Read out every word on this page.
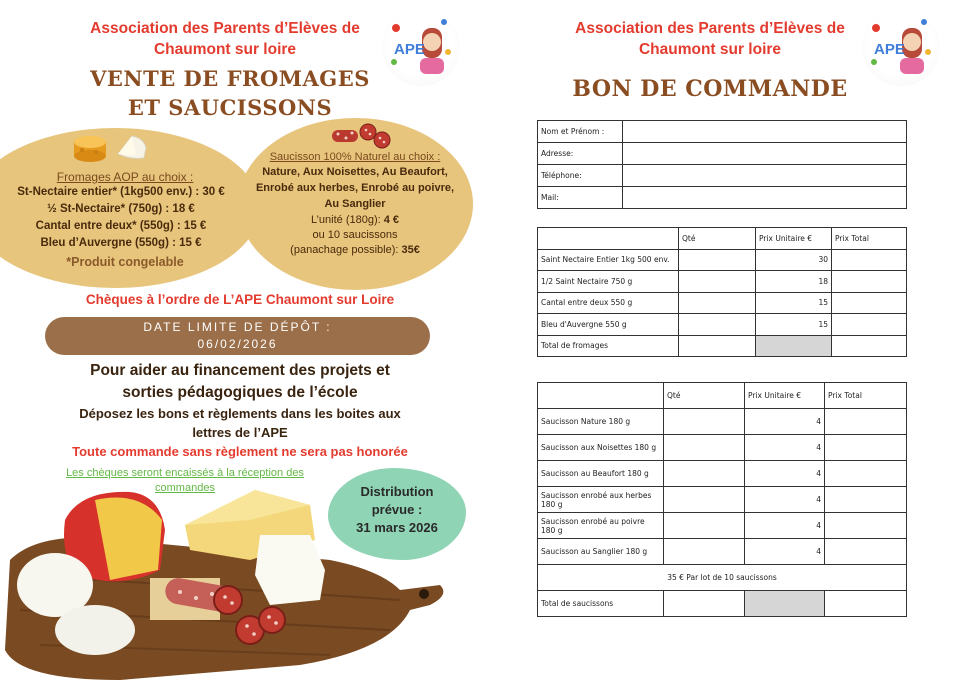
Association des Parents d’Elèves de Chaumont sur loire	APE
VENTE DE FROMAGES
ET SAUCISSONS
Fromages AOP au choix :
St-Nectaire entier* (1kg500 env.) : 30 €
½ St-Nectaire* (750g) : 18 €
Cantal entre deux* (550g) : 15 €
Bleu d’Auvergne (550g) : 15 €
*Produit congelable
Saucisson 100% Naturel au choix :
Nature, Aux Noisettes, Au Beaufort,
Enrobé aux herbes, Enrobé au poivre,
Au Sanglier
L’unité (180g): 4 €
ou 10 saucissons
(panachage possible): 35€
Chèques à l’ordre de L’APE Chaumont sur Loire
DATE LIMITE DE DÉPÔT :
06/02/2026
Pour aider au financement des projets et
sorties pédagogiques de l’école
Déposez les bons et règlements dans les boites aux
lettres de l’APE
Toute commande sans règlement ne sera pas honorée
Les chèques seront encaissés à la réception des commandes	Distribution
prévue :
31 mars 2026
Association des Parents d’Elèves de Chaumont sur loire	APE
BON DE COMMANDE
Nom et Prénom :	
Adresse:	
Téléphone:	
Mail:	
	Qté	Prix Unitaire €	Prix Total
Saint Nectaire Entier 1kg 500 env.		30	
1/2 Saint Nectaire 750 g		18	
Cantal entre deux 550 g		15	
Bleu d'Auvergne 550 g		15	
Total de fromages			
	Qté	Prix Unitaire €	Prix Total
Saucisson Nature 180 g		4	
Saucisson aux Noisettes 180 g		4	
Saucisson au Beaufort 180 g		4	
Saucisson enrobé aux herbes 180 g		4	
Saucisson enrobé au poivre 180 g		4	
Saucisson au Sanglier 180 g		4	
35 € Par lot de 10 saucissons			
Total de saucissons			
